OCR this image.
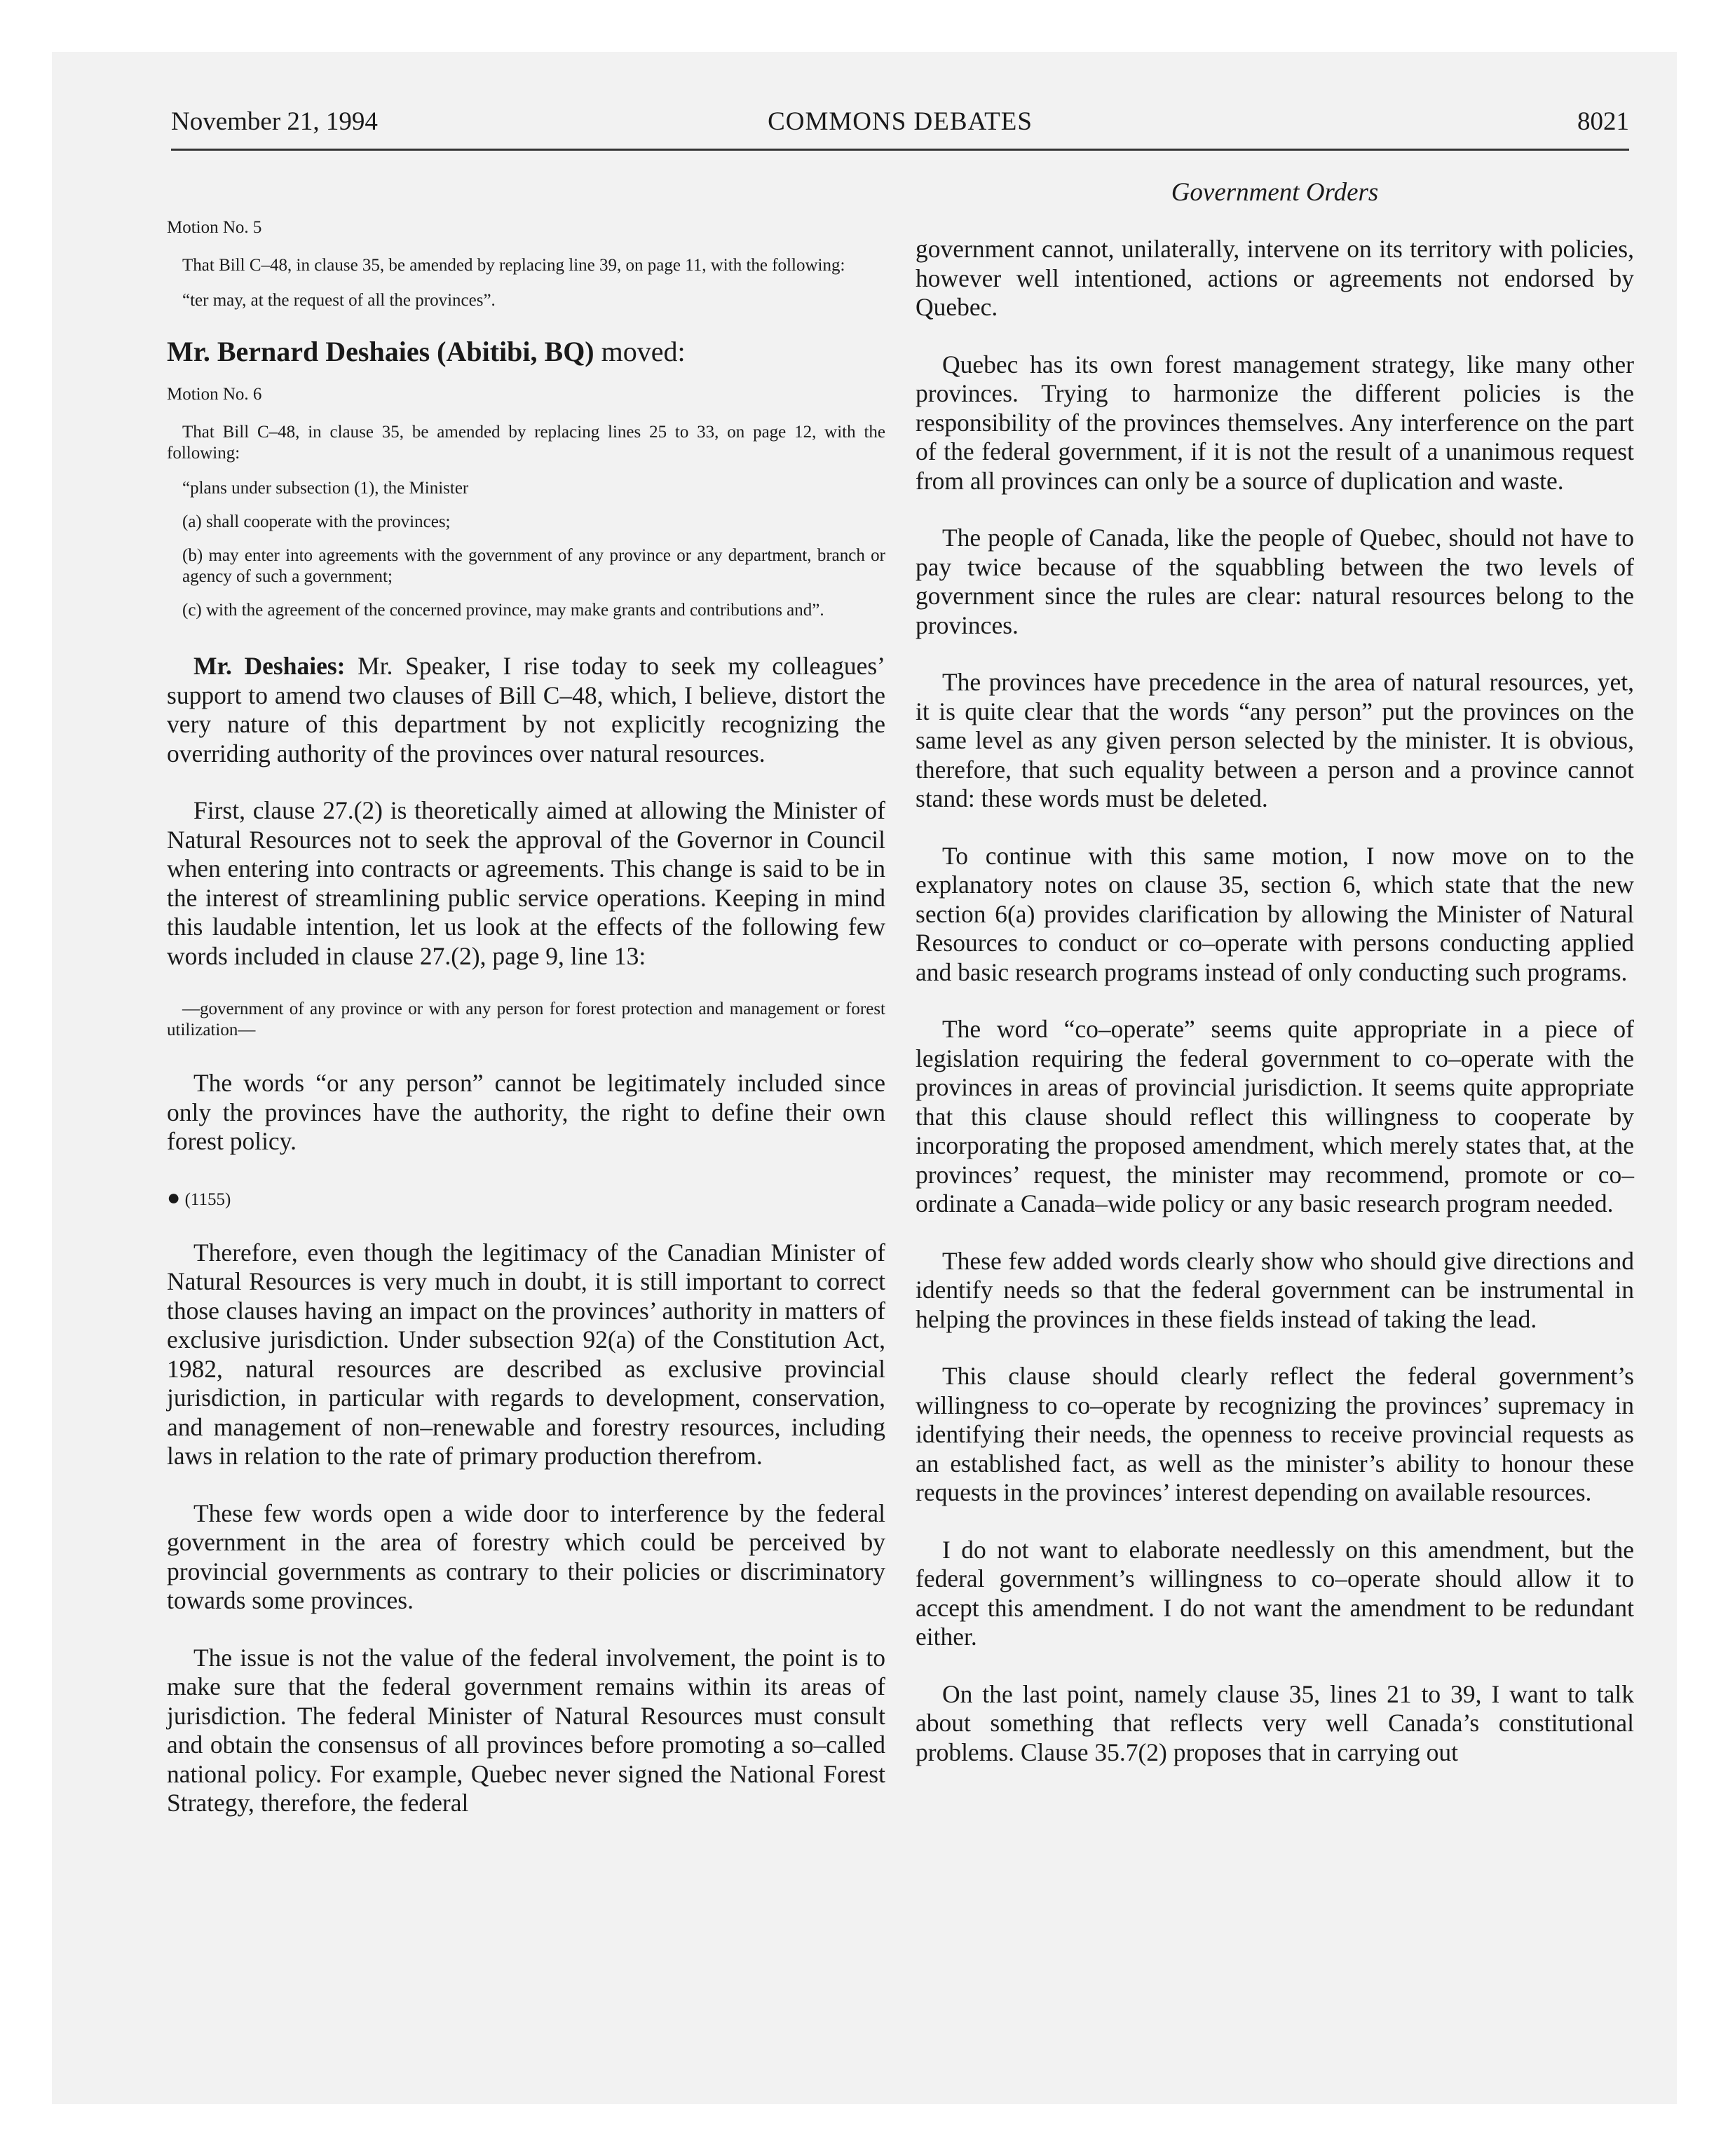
November 21, 1994	COMMONS DEBATES	8021
Motion No. 5
That Bill C–48, in clause 35, be amended by replacing line 39, on page 11, with the following:
“ter may, at the request of all the provinces”.
Mr. Bernard Deshaies (Abitibi, BQ) moved:
Motion No. 6
That Bill C–48, in clause 35, be amended by replacing lines 25 to 33, on page 12, with the following:
“plans under subsection (1), the Minister
(a) shall cooperate with the provinces;
(b) may enter into agreements with the government of any province or any department, branch or agency of such a government;
(c) with the agreement of the concerned province, may make grants and contributions and”.

Mr. Deshaies: Mr. Speaker, I rise today to seek my colleagues’ support to amend two clauses of Bill C–48, which, I believe, distort the very nature of this department by not explicitly recognizing the overriding authority of the provinces over natural resources.

First, clause 27.(2) is theoretically aimed at allowing the Minister of Natural Resources not to seek the approval of the Governor in Council when entering into contracts or agreements. This change is said to be in the interest of streamlining public service operations. Keeping in mind this laudable intention, let us look at the effects of the following few words included in clause 27.(2), page 9, line 13:

—government of any province or with any person for forest protection and management or forest utilization—

The words “or any person” cannot be legitimately included since only the provinces have the authority, the right to define their own forest policy.

● (1155)

Therefore, even though the legitimacy of the Canadian Minister of Natural Resources is very much in doubt, it is still important to correct those clauses having an impact on the provinces’ authority in matters of exclusive jurisdiction. Under subsection 92(a) of the Constitution Act, 1982, natural resources are described as exclusive provincial jurisdiction, in particular with regards to development, conservation, and management of non–renewable and forestry resources, including laws in relation to the rate of primary production therefrom.

These few words open a wide door to interference by the federal government in the area of forestry which could be perceived by provincial governments as contrary to their policies or discriminatory towards some provinces.

The issue is not the value of the federal involvement, the point is to make sure that the federal government remains within its areas of jurisdiction. The federal Minister of Natural Resources must consult and obtain the consensus of all provinces before promoting a so–called national policy. For example, Quebec never signed the National Forest Strategy, therefore, the federal

Government Orders

government cannot, unilaterally, intervene on its territory with policies, however well intentioned, actions or agreements not endorsed by Quebec.

Quebec has its own forest management strategy, like many other provinces. Trying to harmonize the different policies is the responsibility of the provinces themselves. Any interference on the part of the federal government, if it is not the result of a unanimous request from all provinces can only be a source of duplication and waste.

The people of Canada, like the people of Quebec, should not have to pay twice because of the squabbling between the two levels of government since the rules are clear: natural resources belong to the provinces.

The provinces have precedence in the area of natural resources, yet, it is quite clear that the words “any person” put the provinces on the same level as any given person selected by the minister. It is obvious, therefore, that such equality between a person and a province cannot stand: these words must be deleted.

To continue with this same motion, I now move on to the explanatory notes on clause 35, section 6, which state that the new section 6(a) provides clarification by allowing the Minister of Natural Resources to conduct or co–operate with persons conducting applied and basic research programs instead of only conducting such programs.

The word “co–operate” seems quite appropriate in a piece of legislation requiring the federal government to co–operate with the provinces in areas of provincial jurisdiction. It seems quite appropriate that this clause should reflect this willingness to cooperate by incorporating the proposed amendment, which merely states that, at the provinces’ request, the minister may recommend, promote or co–ordinate a Canada–wide policy or any basic research program needed.

These few added words clearly show who should give directions and identify needs so that the federal government can be instrumental in helping the provinces in these fields instead of taking the lead.

This clause should clearly reflect the federal government’s willingness to co–operate by recognizing the provinces’ supremacy in identifying their needs, the openness to receive provincial requests as an established fact, as well as the minister’s ability to honour these requests in the provinces’ interest depending on available resources.

I do not want to elaborate needlessly on this amendment, but the federal government’s willingness to co–operate should allow it to accept this amendment. I do not want the amendment to be redundant either.

On the last point, namely clause 35, lines 21 to 39, I want to talk about something that reflects very well Canada’s constitutional problems. Clause 35.7(2) proposes that in carrying out
